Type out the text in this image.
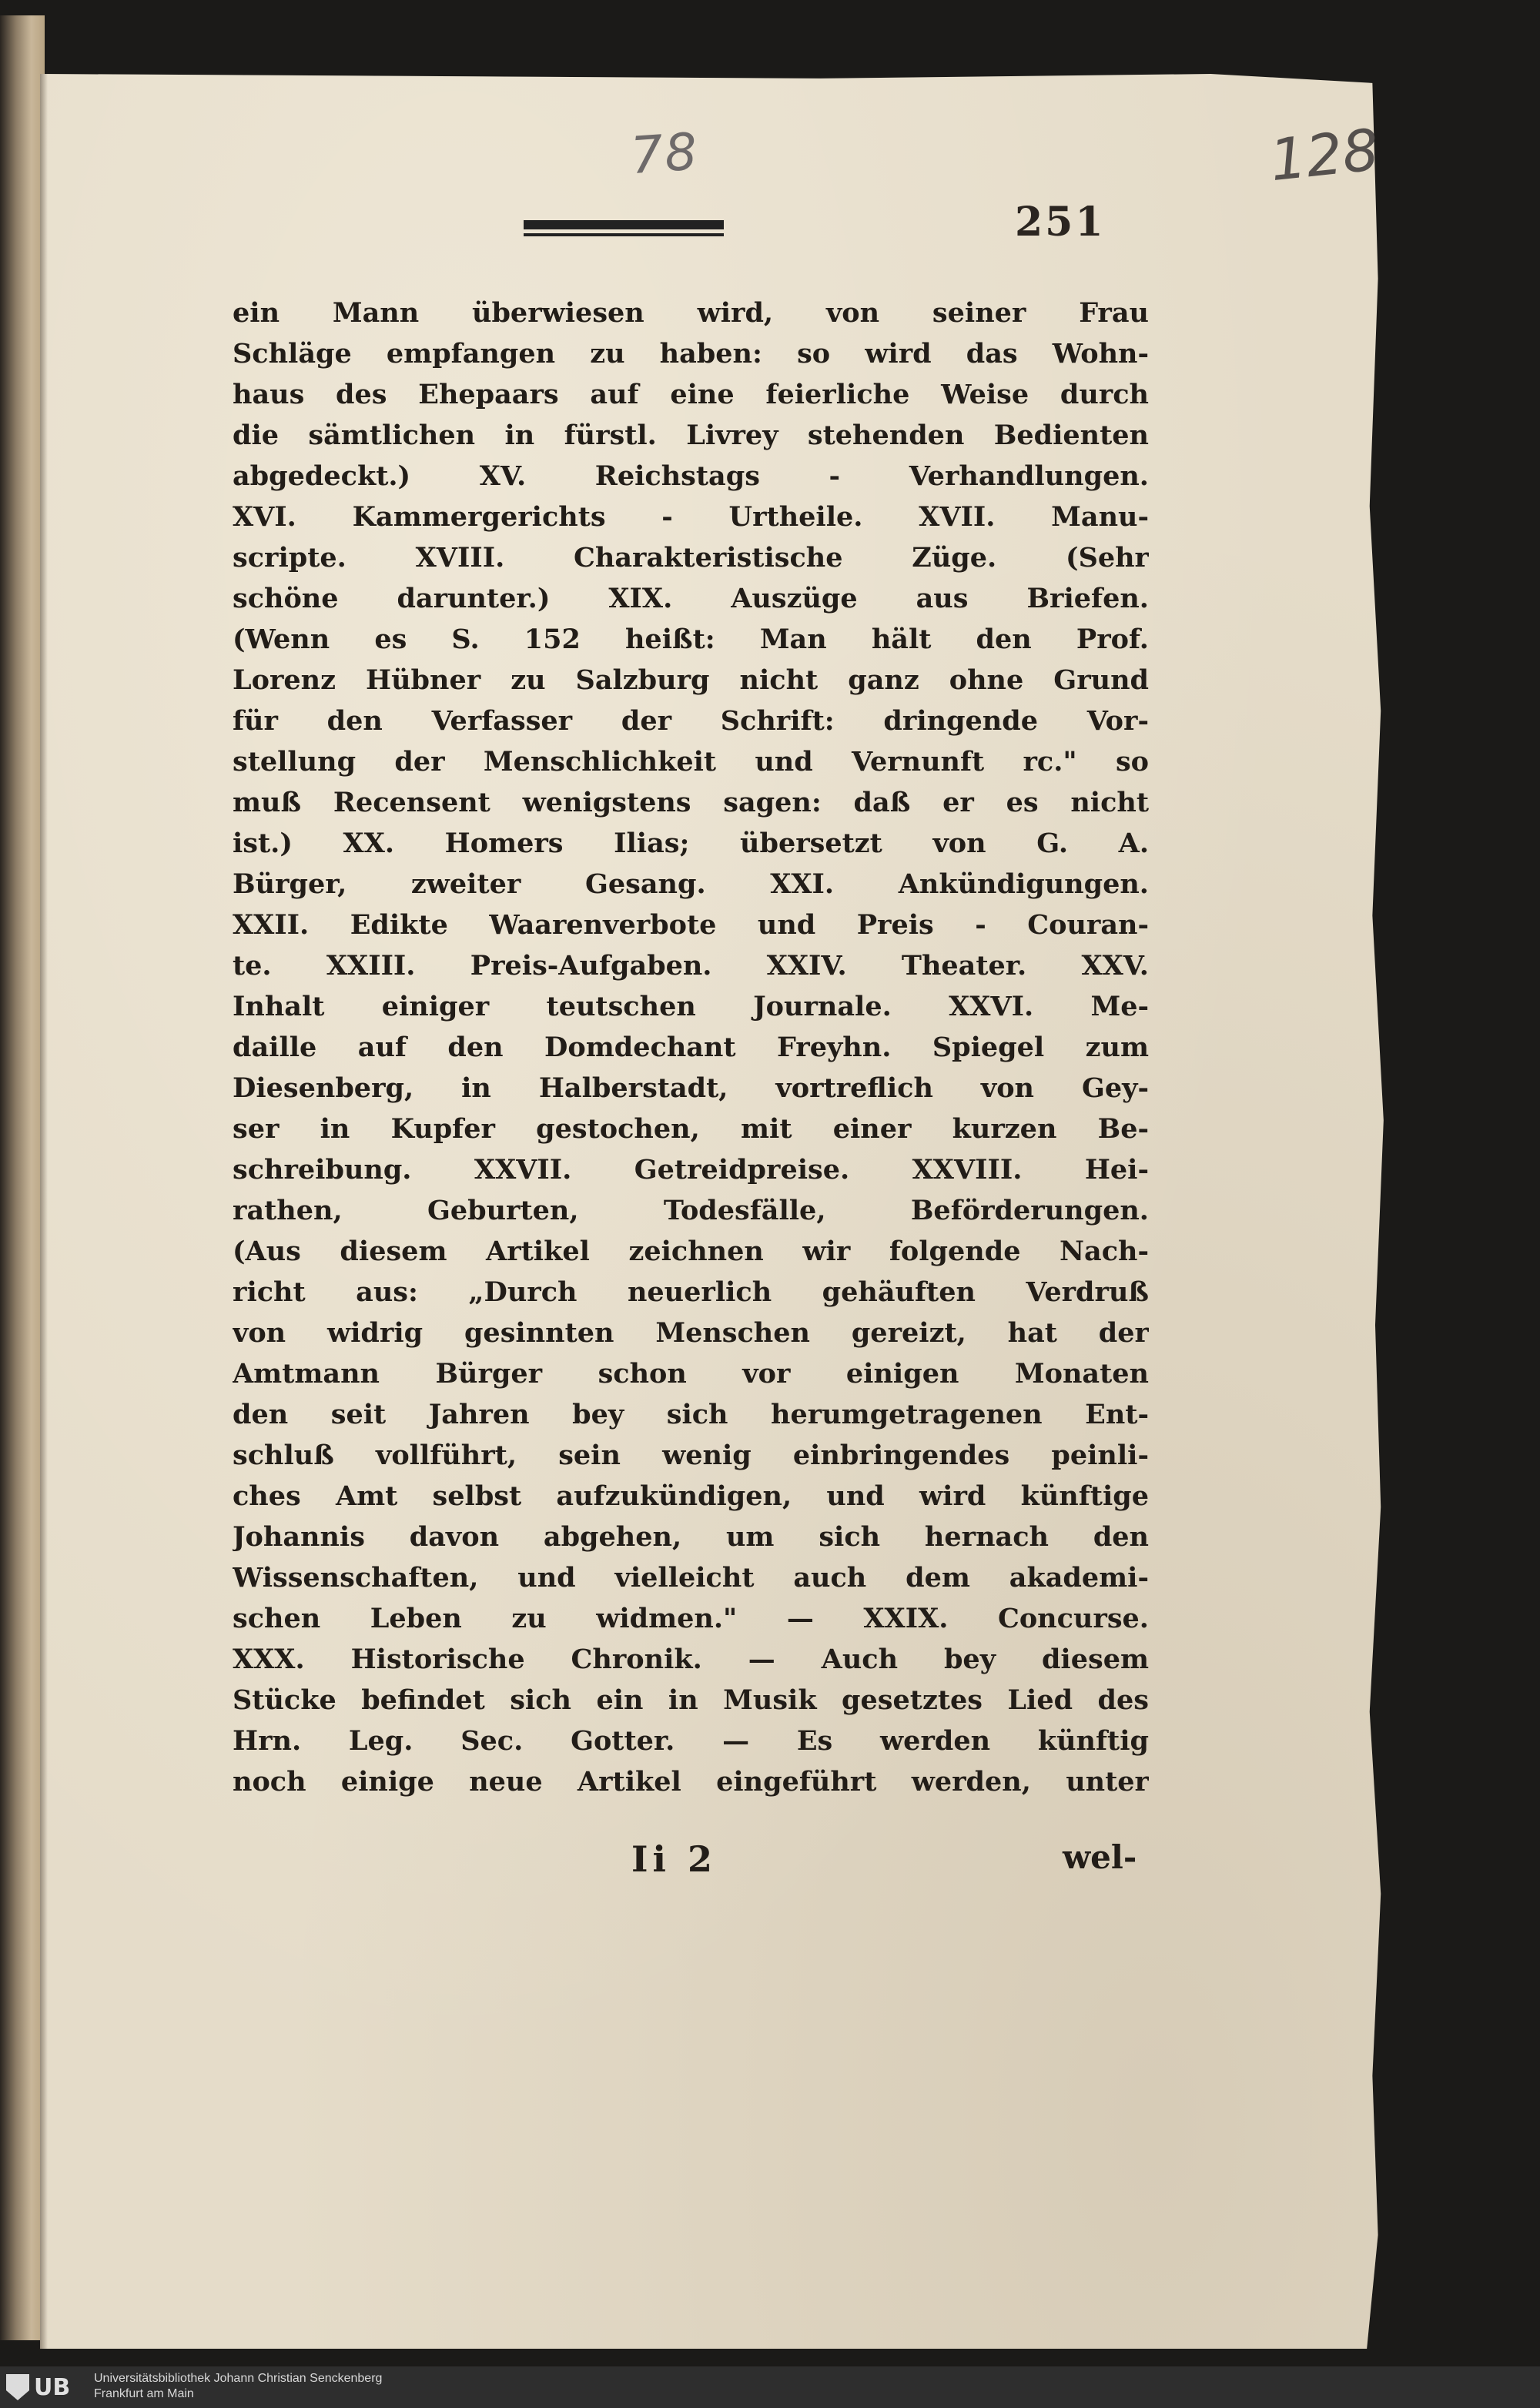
78	128
251
ein Mann überwiesen wird, von seiner Frau
Schläge empfangen zu haben: so wird das Wohn-
haus des Ehepaars auf eine feierliche Weise durch
die sämtlichen in fürstl. Livrey stehenden Bedienten
abgedeckt.) XV. Reichstags - Verhandlungen.
XVI. Kammergerichts - Urtheile. XVII. Manu-
scripte. XVIII. Charakteristische Züge. (Sehr
schöne darunter.) XIX. Auszüge aus Briefen.
(Wenn es S. 152 heißt: Man hält den Prof.
Lorenz Hübner zu Salzburg nicht ganz ohne Grund
für den Verfasser der Schrift: dringende Vor-
stellung der Menschlichkeit und Vernunft rc." so
muß Recensent wenigstens sagen: daß er es nicht
ist.) XX. Homers Ilias; übersetzt von G. A.
Bürger, zweiter Gesang. XXI. Ankündigungen.
XXII. Edikte Waarenverbote und Preis - Couran-
te. XXIII. Preis-Aufgaben. XXIV. Theater. XXV.
Inhalt einiger teutschen Journale. XXVI. Me-
daille auf den Domdechant Freyhn. Spiegel zum
Diesenberg, in Halberstadt, vortreflich von Gey-
ser in Kupfer gestochen, mit einer kurzen Be-
schreibung. XXVII. Getreidpreise. XXVIII. Hei-
rathen, Geburten, Todesfälle, Beförderungen.
(Aus diesem Artikel zeichnen wir folgende Nach-
richt aus: „Durch neuerlich gehäuften Verdruß
von widrig gesinnten Menschen gereizt, hat der
Amtmann Bürger schon vor einigen Monaten
den seit Jahren bey sich herumgetragenen Ent-
schluß vollführt, sein wenig einbringendes peinli-
ches Amt selbst aufzukündigen, und wird künftige
Johannis davon abgehen, um sich hernach den
Wissenschaften, und vielleicht auch dem akademi-
schen Leben zu widmen." — XXIX. Concurse.
XXX. Historische Chronik. — Auch bey diesem
Stücke befindet sich ein in Musik gesetztes Lied des
Hrn. Leg. Sec. Gotter. — Es werden künftig
noch einige neue Artikel eingeführt werden, unter
Ii 2	wel-
UB Universitätsbibliothek Johann Christian Senckenberg
Frankfurt am Main
